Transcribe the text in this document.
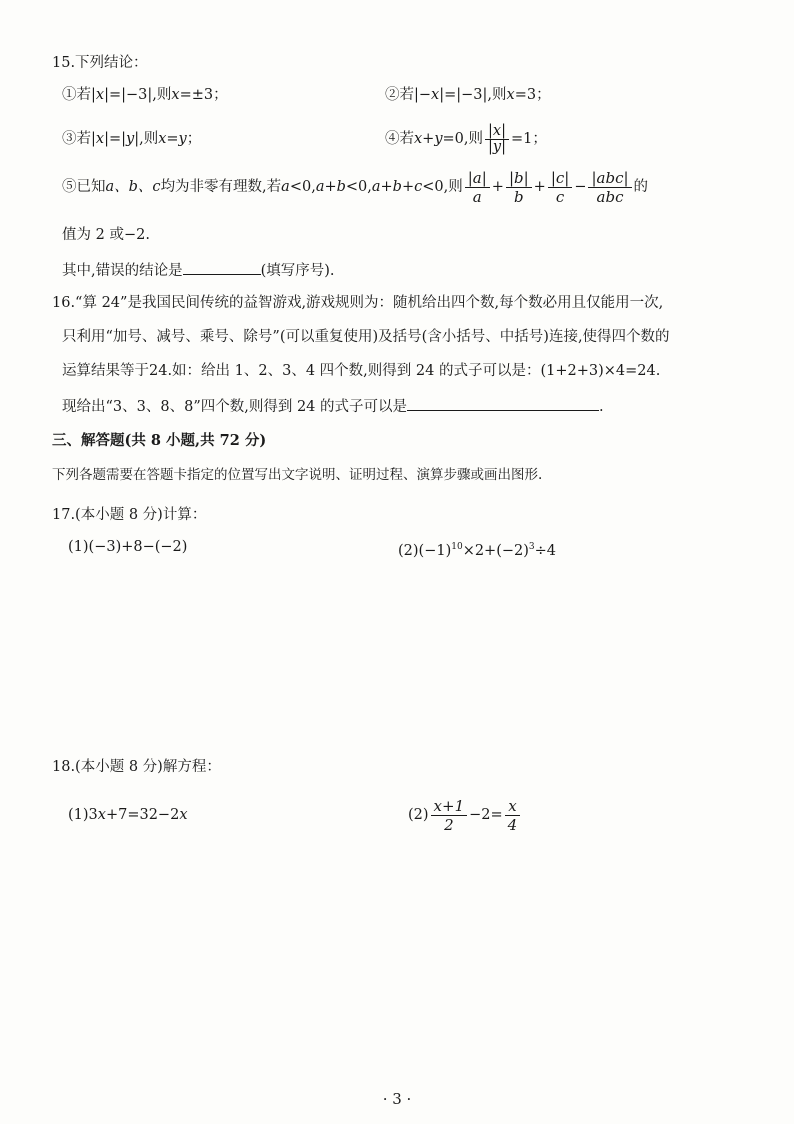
15.下列结论：
①若|x|=|−3|,则x=±3；	②若|−x|=|−3|,则x=3；
③若|x|=|y|,则x=y；	④若x+y=0,则 $\frac{|x|}{|y|} =1$；
⑤已知a、b、c均为非零有理数,若a<0,a+b<0,a+b+c<0,则 $\frac{|a|}{a} + \frac{|b|}{b} + \frac{|c|}{c} - \frac{\text{|abc|}}{\text{abc}}$ 的
值为 2 或−2.
其中,错误的结论是	(填写序号).
16.“算 24”是我国民间传统的益智游戏,游戏规则为：随机给出四个数,每个数必用且仅能用一次,
只利用“加号、减号、乘号、除号”(可以重复使用)及括号(含小括号、中括号)连接,使得四个数的
运算结果等于24.如：给出 1、2、3、4 四个数,则得到 24 的式子可以是：(1+2+3)×4=24.
现给出“3、3、8、8”四个数,则得到 24 的式子可以是	.
三、解答题(共 8 小题,共 72 分)
下列各题需要在答题卡指定的位置写出文字说明、证明过程、演算步骤或画出图形.
17.(本小题 8 分)计算：
(1)(−3)+8−(−2)	$(2)(-1)^{10}\times 2+(-2)^3\div 4$
18.(本小题 8 分)解方程：
(1)3x+7=32−2x	$(2) \frac{x+1}{2} -2= \frac{x}{4}$
· 3 ·
